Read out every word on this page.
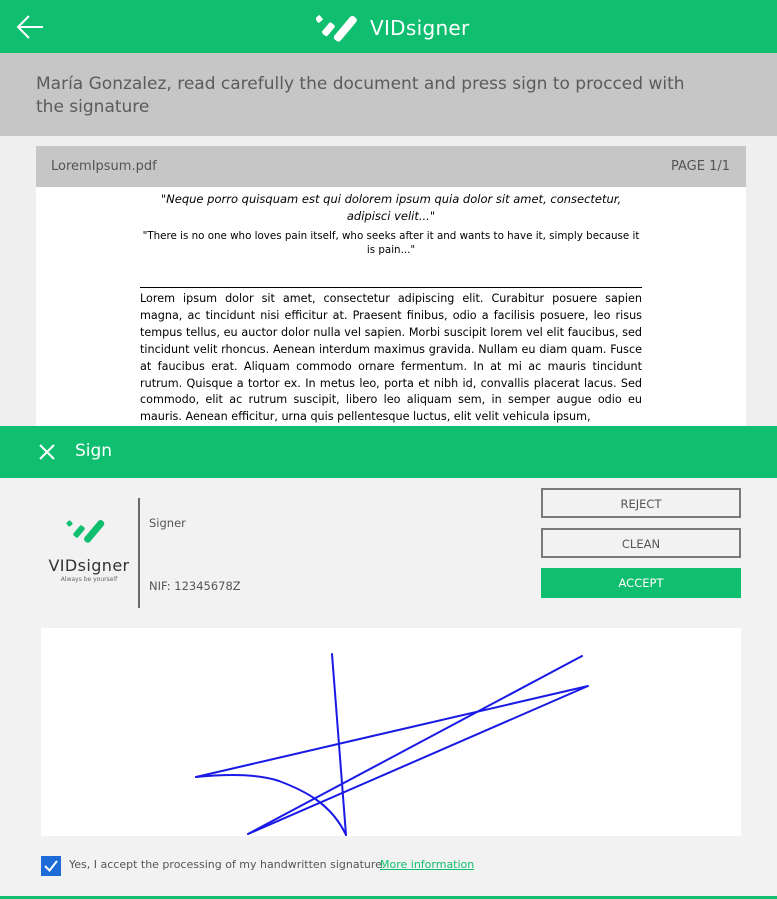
VIDsigner
María Gonzalez, read carefully the document and press sign to procced with the signature
LoremIpsum.pdf	PAGE 1/1
"Neque porro quisquam est qui dolorem ipsum quia dolor sit amet, consectetur, adipisci velit..."
"There is no one who loves pain itself, who seeks after it and wants to have it, simply because it is pain..."
Lorem ipsum dolor sit amet, consectetur adipiscing elit. Curabitur posuere sapien magna, ac tincidunt nisi efficitur at. Praesent finibus, odio a facilisis posuere, leo risus tempus tellus, eu auctor dolor nulla vel sapien. Morbi suscipit lorem vel elit faucibus, sed tincidunt velit rhoncus. Aenean interdum maximus gravida. Nullam eu diam quam. Fusce at faucibus erat. Aliquam commodo ornare fermentum. In at mi ac mauris tincidunt rutrum. Quisque a tortor ex. In metus leo, porta et nibh id, convallis placerat lacus. Sed commodo, elit ac rutrum suscipit, libero leo aliquam sem, in semper augue odio eu mauris. Aenean efficitur, urna quis pellentesque luctus, elit velit vehicula ipsum,
Sign
VIDsigner
Always be yourself
Signer
NIF: 12345678Z
REJECT
CLEAN
ACCEPT
Yes, I accept the processing of my handwritten signature.
More information
